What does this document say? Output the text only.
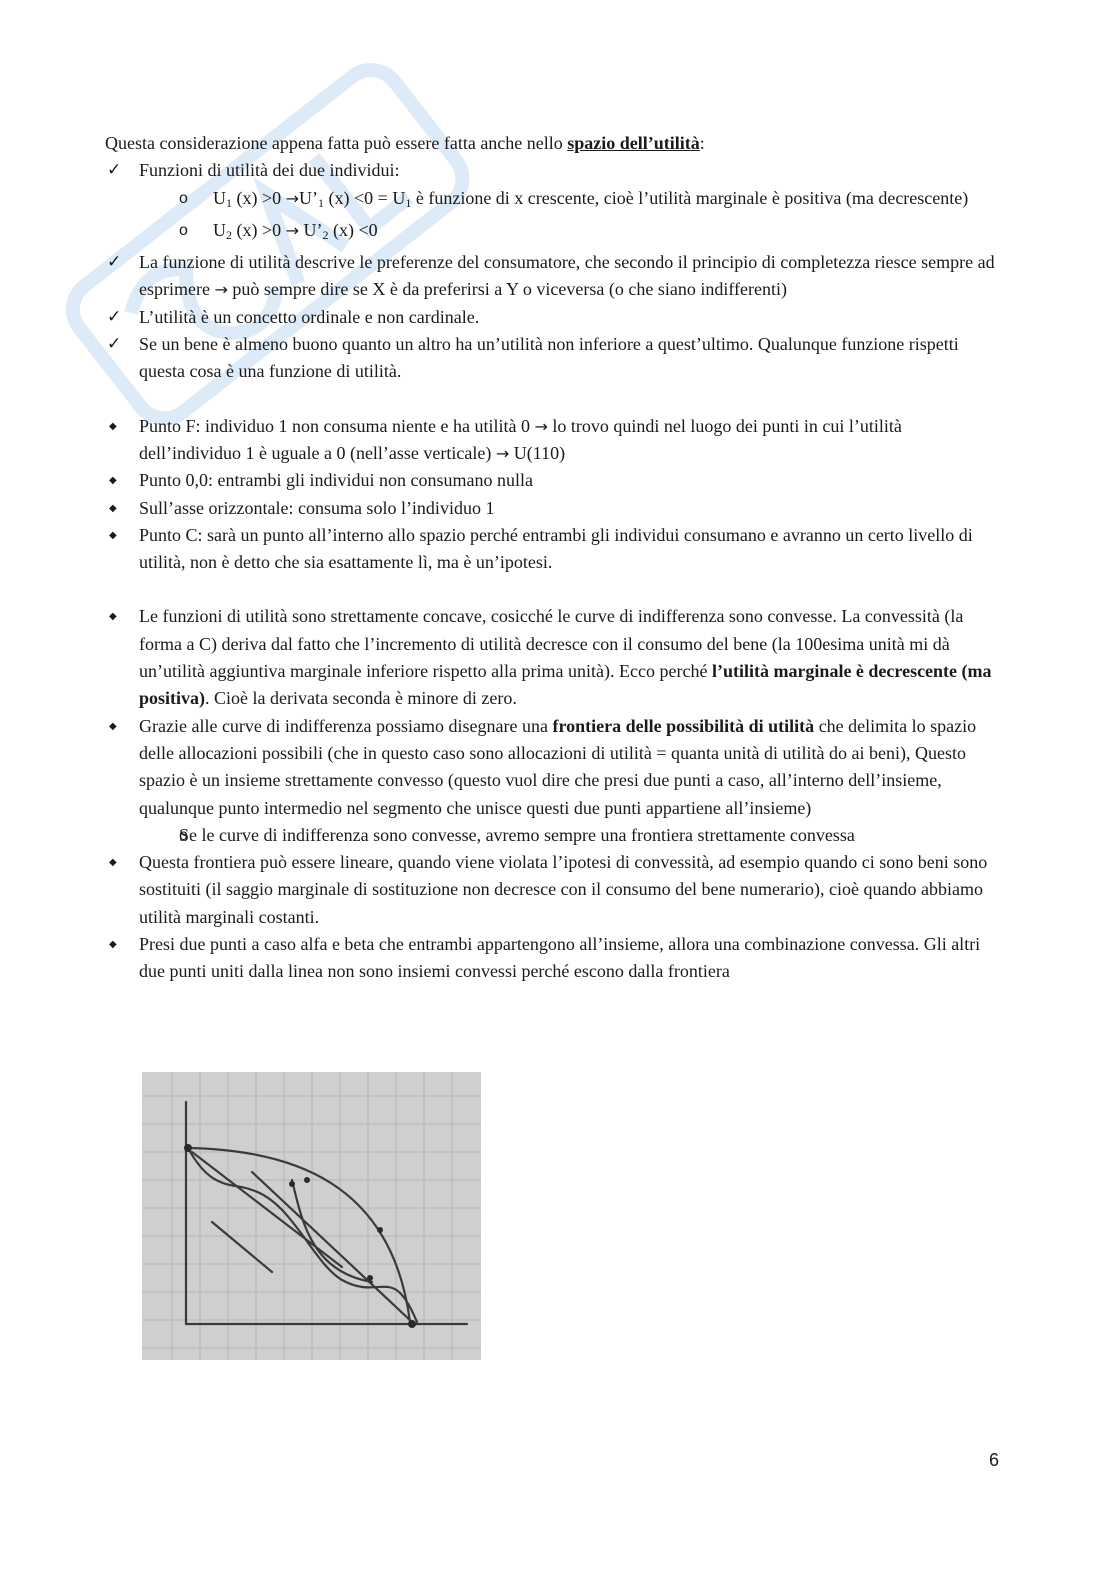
Questa considerazione appena fatta può essere fatta anche nello spazio dell’utilità:

✓ Funzioni di utilità dei due individui:
o U1 (x) >0 →U’1 (x) <0 = U1 è funzione di x crescente, cioè l’utilità marginale è positiva (ma decrescente)
o U2 (x) >0 → U’2 (x) <0
✓ La funzione di utilità descrive le preferenze del consumatore, che secondo il principio di completezza riesce sempre ad esprimere → può sempre dire se X è da preferirsi a Y o viceversa (o che siano indifferenti)
✓ L’utilità è un concetto ordinale e non cardinale.
✓ Se un bene è almeno buono quanto un altro ha un’utilità non inferiore a quest’ultimo. Qualunque funzione rispetti questa cosa è una funzione di utilità.
◆ Punto F: individuo 1 non consuma niente e ha utilità 0 → lo trovo quindi nel luogo dei punti in cui l’utilità dell’individuo 1 è uguale a 0 (nell’asse verticale) → U(110)
◆ Punto 0,0: entrambi gli individui non consumano nulla
◆ Sull’asse orizzontale: consuma solo l’individuo 1
◆ Punto C: sarà un punto all’interno allo spazio perché entrambi gli individui consumano e avranno un certo livello di utilità, non è detto che sia esattamente lì, ma è un’ipotesi.
◆ Le funzioni di utilità sono strettamente concave, cosicché le curve di indifferenza sono convesse. La convessità (la forma a C) deriva dal fatto che l’incremento di utilità decresce con il consumo del bene (la 100esima unità mi dà un’utilità aggiuntiva marginale inferiore rispetto alla prima unità). Ecco perché l’utilità marginale è decrescente (ma positiva). Cioè la derivata seconda è minore di zero.
◆ Grazie alle curve di indifferenza possiamo disegnare una frontiera delle possibilità di utilità che delimita lo spazio delle allocazioni possibili (che in questo caso sono allocazioni di utilità = quanta unità di utilità do ai beni), Questo spazio è un insieme strettamente convesso (questo vuol dire che presi due punti a caso, all’interno dell’insieme, qualunque punto intermedio nel segmento che unisce questi due punti appartiene all’insieme)
o Se le curve di indifferenza sono convesse, avremo sempre una frontiera strettamente convessa
◆ Questa frontiera può essere lineare, quando viene violata l’ipotesi di convessità, ad esempio quando ci sono beni sono sostituiti (il saggio marginale di sostituzione non decresce con il consumo del bene numerario), cioè quando abbiamo utilità marginali costanti.
◆ Presi due punti a caso alfa e beta che entrambi appartengono all’insieme, allora una combinazione convessa. Gli altri due punti uniti dalla linea non sono insiemi convessi perché escono dalla frontiera
6
